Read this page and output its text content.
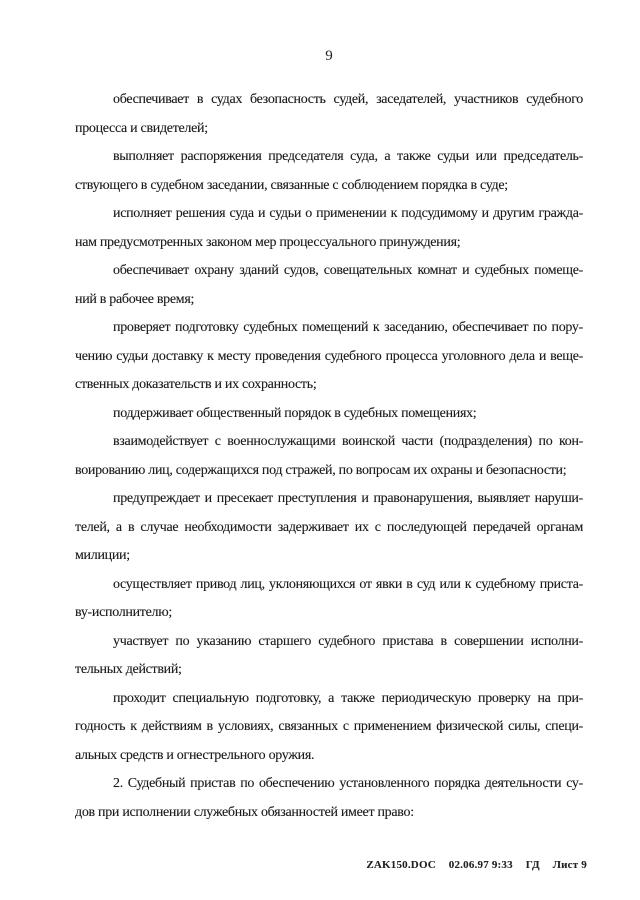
9
обеспечивает в судах безопасность судей, заседателей, участников судебного
процесса и свидетелей;
выполняет распоряжения председателя суда, а также судьи или председатель-
ствующего в судебном заседании, связанные с соблюдением порядка в суде;
исполняет решения суда и судьи о применении к подсудимому и другим гражда-
нам предусмотренных законом мер процессуального принуждения;
обеспечивает охрану зданий судов, совещательных комнат и судебных помеще-
ний в рабочее время;
проверяет подготовку судебных помещений к заседанию, обеспечивает по пору-
чению судьи доставку к месту проведения судебного процесса уголовного дела и веще-
ственных доказательств и их сохранность;
поддерживает общественный порядок в судебных помещениях;
взаимодействует с военнослужащими воинской части (подразделения) по кон-
воированию лиц, содержащихся под стражей, по вопросам их охраны и безопасности;
предупреждает и пресекает преступления и правонарушения, выявляет наруши-
телей, а в случае необходимости задерживает их с последующей передачей органам
милиции;
осуществляет привод лиц, уклоняющихся от явки в суд или к судебному приста-
ву-исполнителю;
участвует по указанию старшего судебного пристава в совершении исполни-
тельных действий;
проходит специальную подготовку, а также периодическую проверку на при-
годность к действиям в условиях, связанных с применением физической силы, специ-
альных средств и огнестрельного оружия.
2. Судебный пристав по обеспечению установленного порядка деятельности су-
дов при исполнении служебных обязанностей имеет право:
ZAK150.DOC 02.06.97 9:33 ГД Лист 9
